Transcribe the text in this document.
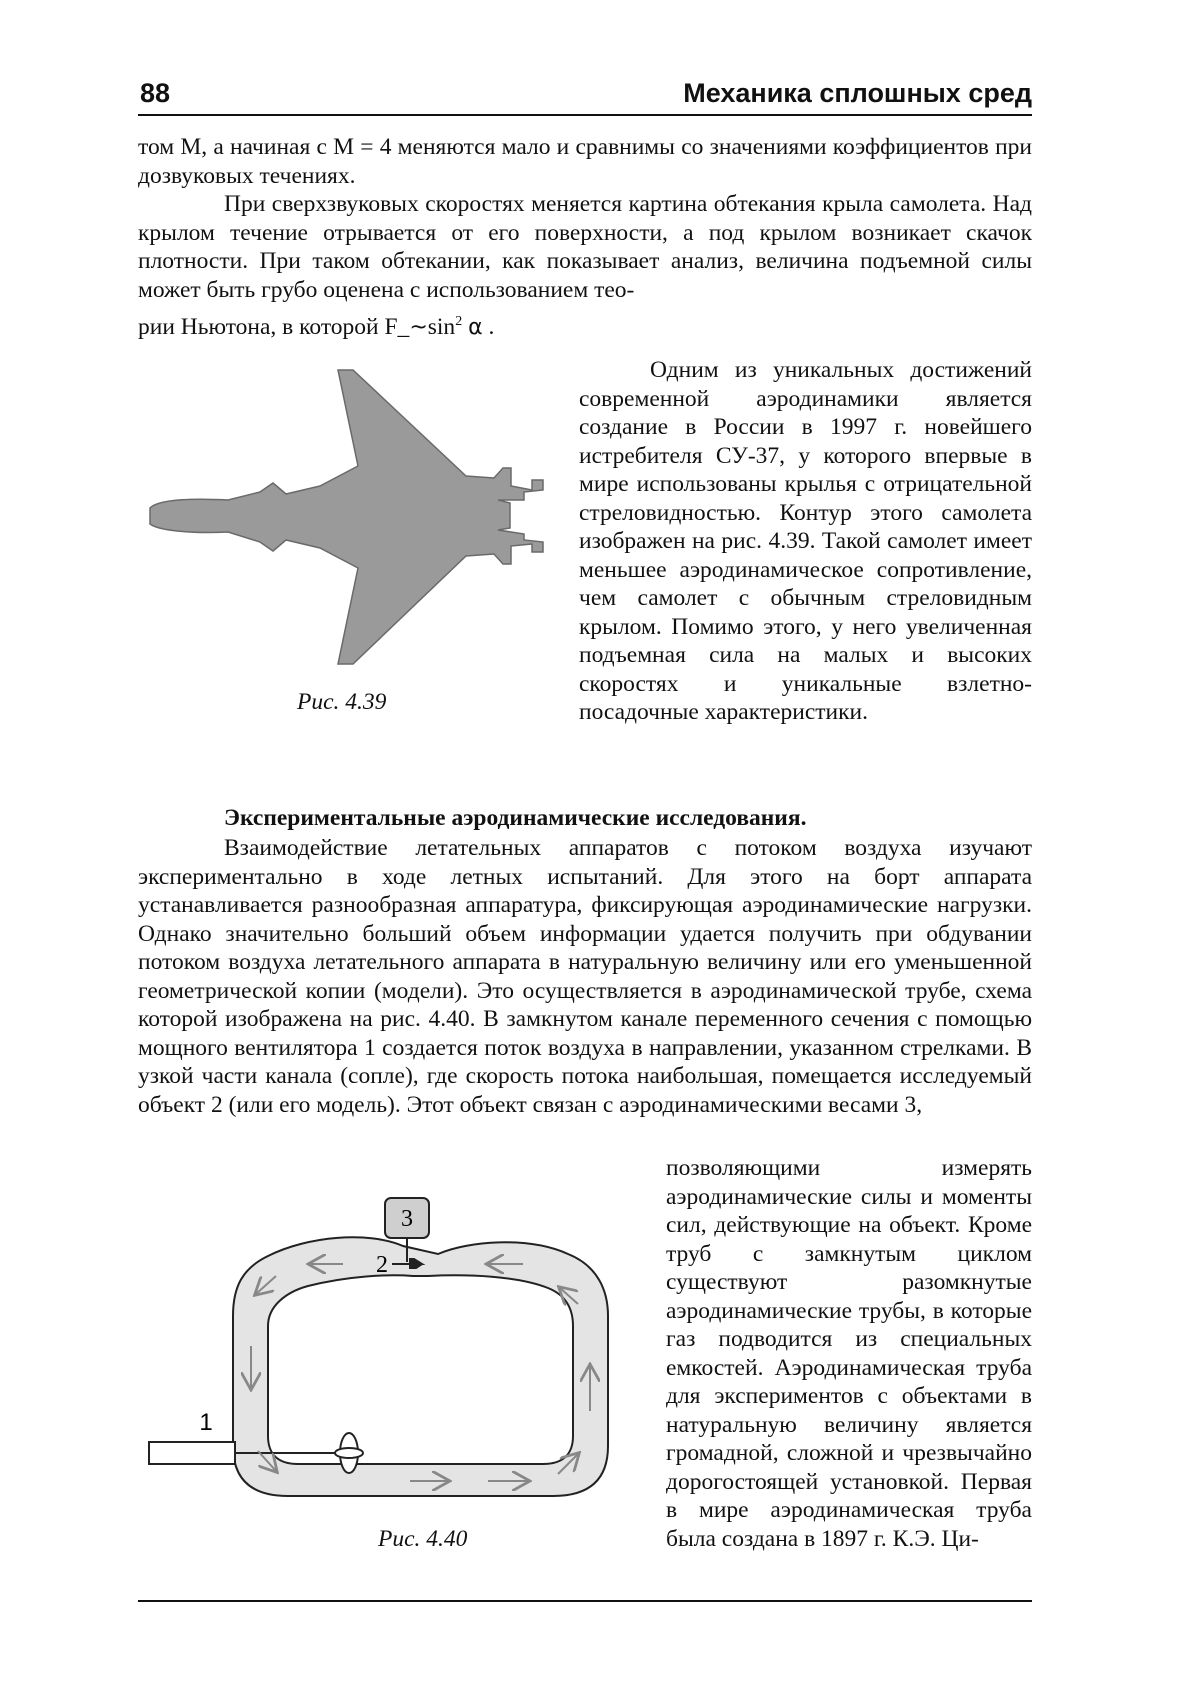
88	Механика сплошных сред

том M, а начиная с M = 4 меняются мало и сравнимы со значениями коэффициентов при дозвуковых течениях.

При сверхзвуковых скоростях меняется картина обтекания крыла самолета. Над крылом течение отрывается от его поверхности, а под крылом возникает скачок плотности. При таком обтекании, как показывает анализ, величина подъемной силы может быть грубо оценена с использованием тео-

рии Ньютона, в которой $F\_\sim\sin^2$ α .

Рис. 4.39

Одним из уникальных достижений современной аэродинамики является создание в России в 1997 г. новейшего истребителя СУ-37, у которого впервые в мире использованы крылья с отрицательной стреловидностью. Контур этого самолета изображен на рис. 4.39. Такой самолет имеет меньшее аэродинамическое сопротивление, чем самолет с обычным стреловидным крылом. Помимо этого, у него увеличенная подъемная сила на малых и высоких скоростях и уникальные взлетно-посадочные характеристики.

Экспериментальные аэродинамические исследования.

Взаимодействие летательных аппаратов с потоком воздуха изучают экспериментально в ходе летных испытаний. Для этого на борт аппарата устанавливается разнообразная аппаратура, фиксирующая аэродинамические нагрузки. Однако значительно больший объем информации удается получить при обдувании потоком воздуха летательного аппарата в натуральную величину или его уменьшенной геометрической копии (модели). Это осуществляется в аэродинамической трубе, схема которой изображена на рис. 4.40. В замкнутом канале переменного сечения с помощью мощного вентилятора 1 создается поток воздуха в направлении, указанном стрелками. В узкой части канала (сопле), где скорость потока наибольшая, помещается исследуемый объект 2 (или его модель). Этот объект связан с аэродинамическими весами 3,

3
2
1
Рис. 4.40

позволяющими измерять аэродинамические силы и моменты сил, действующие на объект. Кроме труб с замкнутым циклом существуют разомкнутые аэродинамические трубы, в которые газ подводится из специальных емкостей. Аэродинамическая труба для экспериментов с объектами в натуральную величину является громадной, сложной и чрезвычайно дорогостоящей установкой. Первая в мире аэродинамическая труба была создана в 1897 г. К.Э. Ци-
